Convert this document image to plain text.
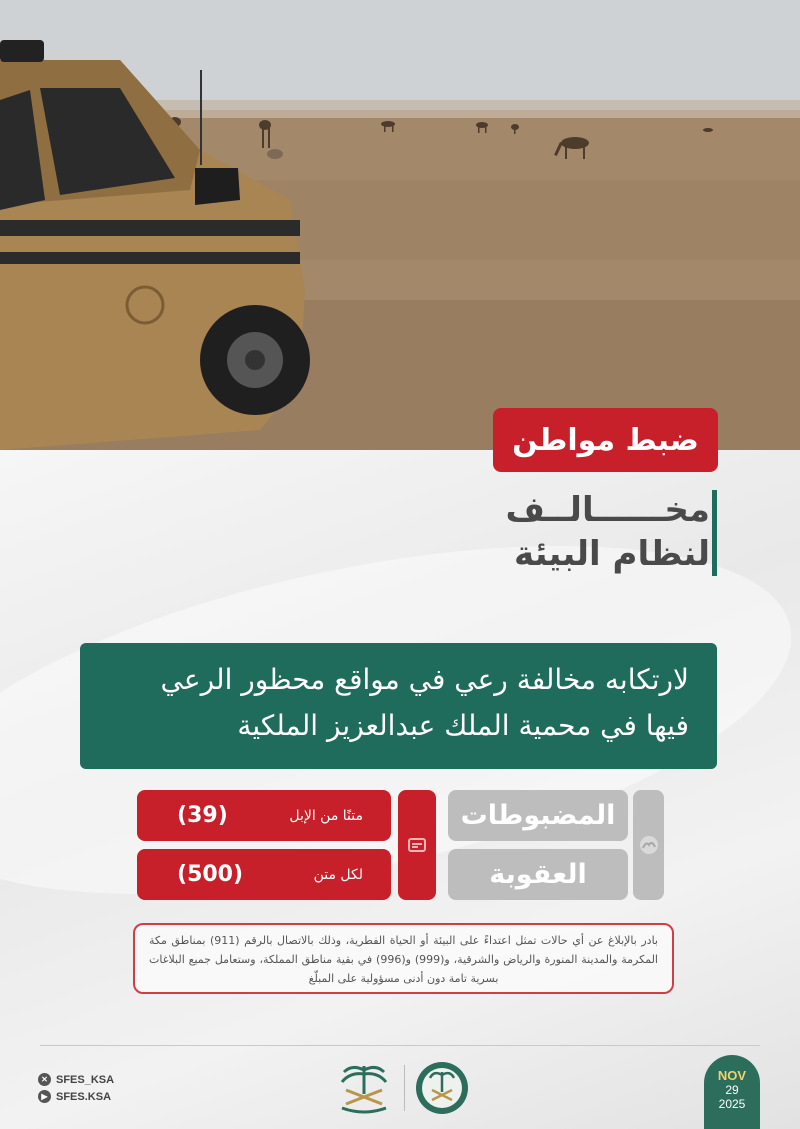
ضبط مواطن
مخــــــالــف
لنظام البيئة
لارتكابه مخالفة رعي في مواقع محظور الرعي
فيها في محمية الملك عبدالعزيز الملكية
المضبوطات
العقوبة
متنًا من الإبل
(39)
لكل متن
(500)
بادر بالإبلاغ عن أي حالات تمثل اعتداءً على البيئة أو الحياة الفطرية، وذلك بالاتصال بالرقم (911) بمناطق مكة المكرمة والمدينة المنورة والرياض والشرقية، و(999) و(996) في بقية مناطق المملكة، وستعامل جميع البلاغات بسرية تامة دون أدنى مسؤولية على المبلّغ
✕ SFES_KSA
▶ SFES.KSA
NOV
29
2025
